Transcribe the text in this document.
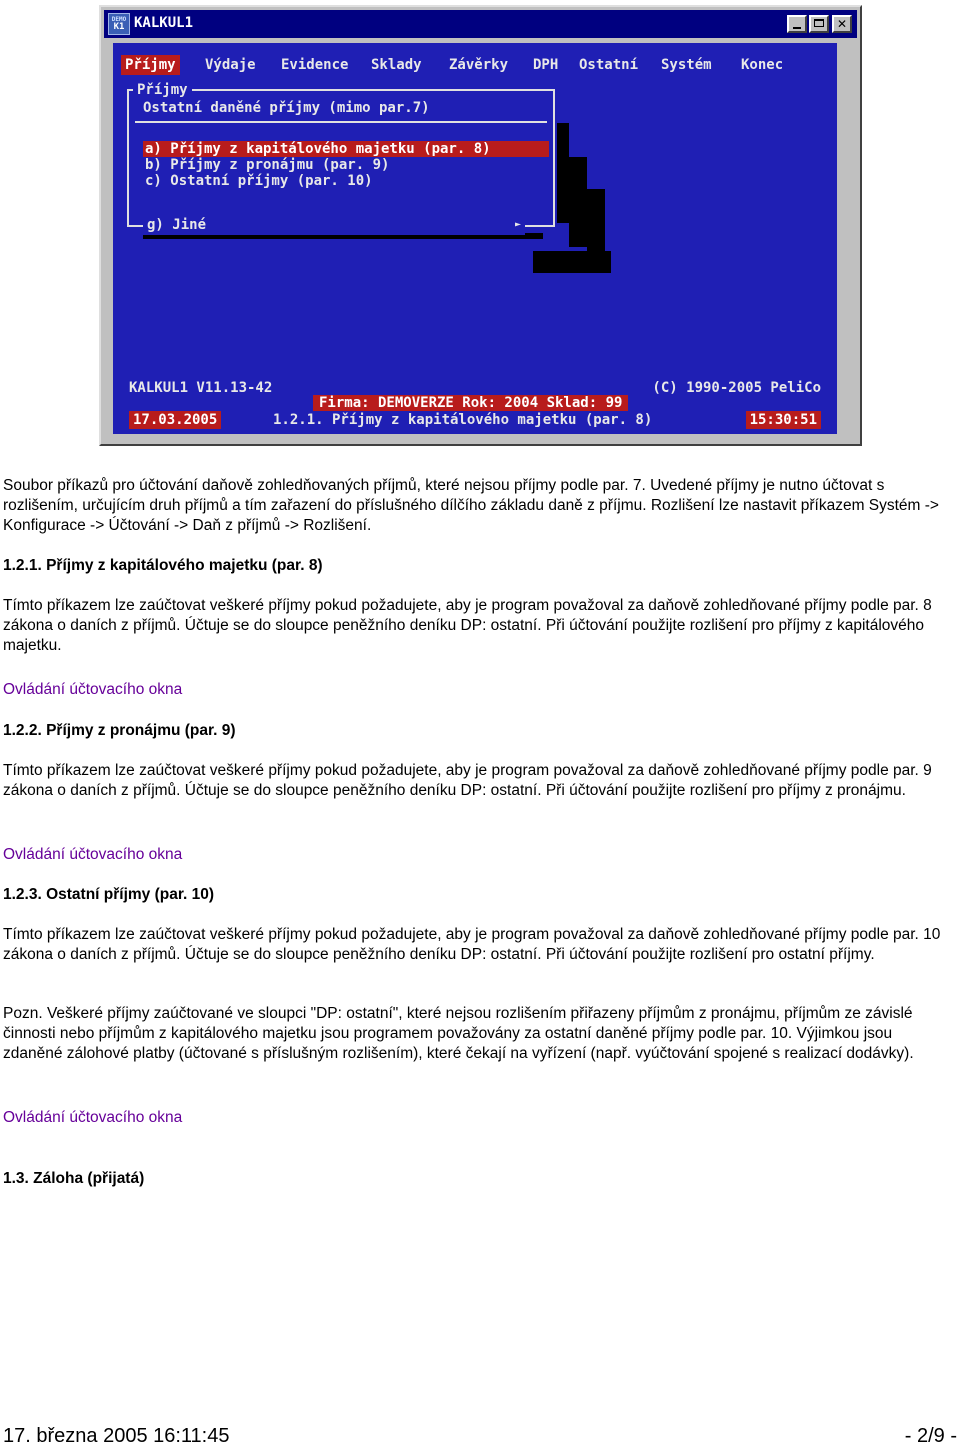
DEMO
K1 KALKUL1	✕
Příjmy Výdaje Evidence Sklady Závěrky DPH Ostatní Systém Konec
Příjmy
Ostatní daněné příjmy (mimo par.7)
a) Příjmy z kapitálového majetku (par. 8)
b) Příjmy z pronájmu (par. 9)
c) Ostatní příjmy (par. 10)
g) Jiné	►
KALKUL1 V11.13-42	(C) 1990-2005 PeliCo
Firma: DEMOVERZE Rok: 2004 Sklad: 99
17.03.2005	1.2.1. Příjmy z kapitálového majetku (par. 8)	15:30:51

Soubor příkazů pro účtování daňově zohledňovaných příjmů, které nejsou příjmy podle par. 7. Uvedené příjmy je nutno účtovat s rozlišením, určujícím druh příjmů a tím zařazení do příslušného dílčího základu daně z příjmu. Rozlišení lze nastavit příkazem Systém -> Konfigurace -> Účtování -> Daň z příjmů -> Rozlišení.

1.2.1. Příjmy z kapitálového majetku (par. 8)

Tímto příkazem lze zaúčtovat veškeré příjmy pokud požadujete, aby je program považoval za daňově zohledňované příjmy podle par. 8 zákona o daních z příjmů. Účtuje se do sloupce peněžního deníku DP: ostatní. Při účtování použijte rozlišení pro příjmy z kapitálového majetku.

Ovládání účtovacího okna

1.2.2. Příjmy z pronájmu (par. 9)

Tímto příkazem lze zaúčtovat veškeré příjmy pokud požadujete, aby je program považoval za daňově zohledňované příjmy podle par. 9 zákona o daních z příjmů. Účtuje se do sloupce peněžního deníku DP: ostatní. Při účtování použijte rozlišení pro příjmy z pronájmu.

Ovládání účtovacího okna

1.2.3. Ostatní příjmy (par. 10)

Tímto příkazem lze zaúčtovat veškeré příjmy pokud požadujete, aby je program považoval za daňově zohledňované příjmy podle par. 10 zákona o daních z příjmů. Účtuje se do sloupce peněžního deníku DP: ostatní. Při účtování použijte rozlišení pro ostatní příjmy.

Pozn. Veškeré příjmy zaúčtované ve sloupci "DP: ostatní", které nejsou rozlišením přiřazeny příjmům z pronájmu, příjmům ze závislé činnosti nebo příjmům z kapitálového majetku jsou programem považovány za ostatní daněné příjmy podle par. 10. Výjimkou jsou zdaněné zálohové platby (účtované s příslušným rozlišením), které čekají na vyřízení (např. vyúčtování spojené s realizací dodávky).

Ovládání účtovacího okna

1.3. Záloha (přijatá)

17. března 2005 16:11:45	- 2/9 -
